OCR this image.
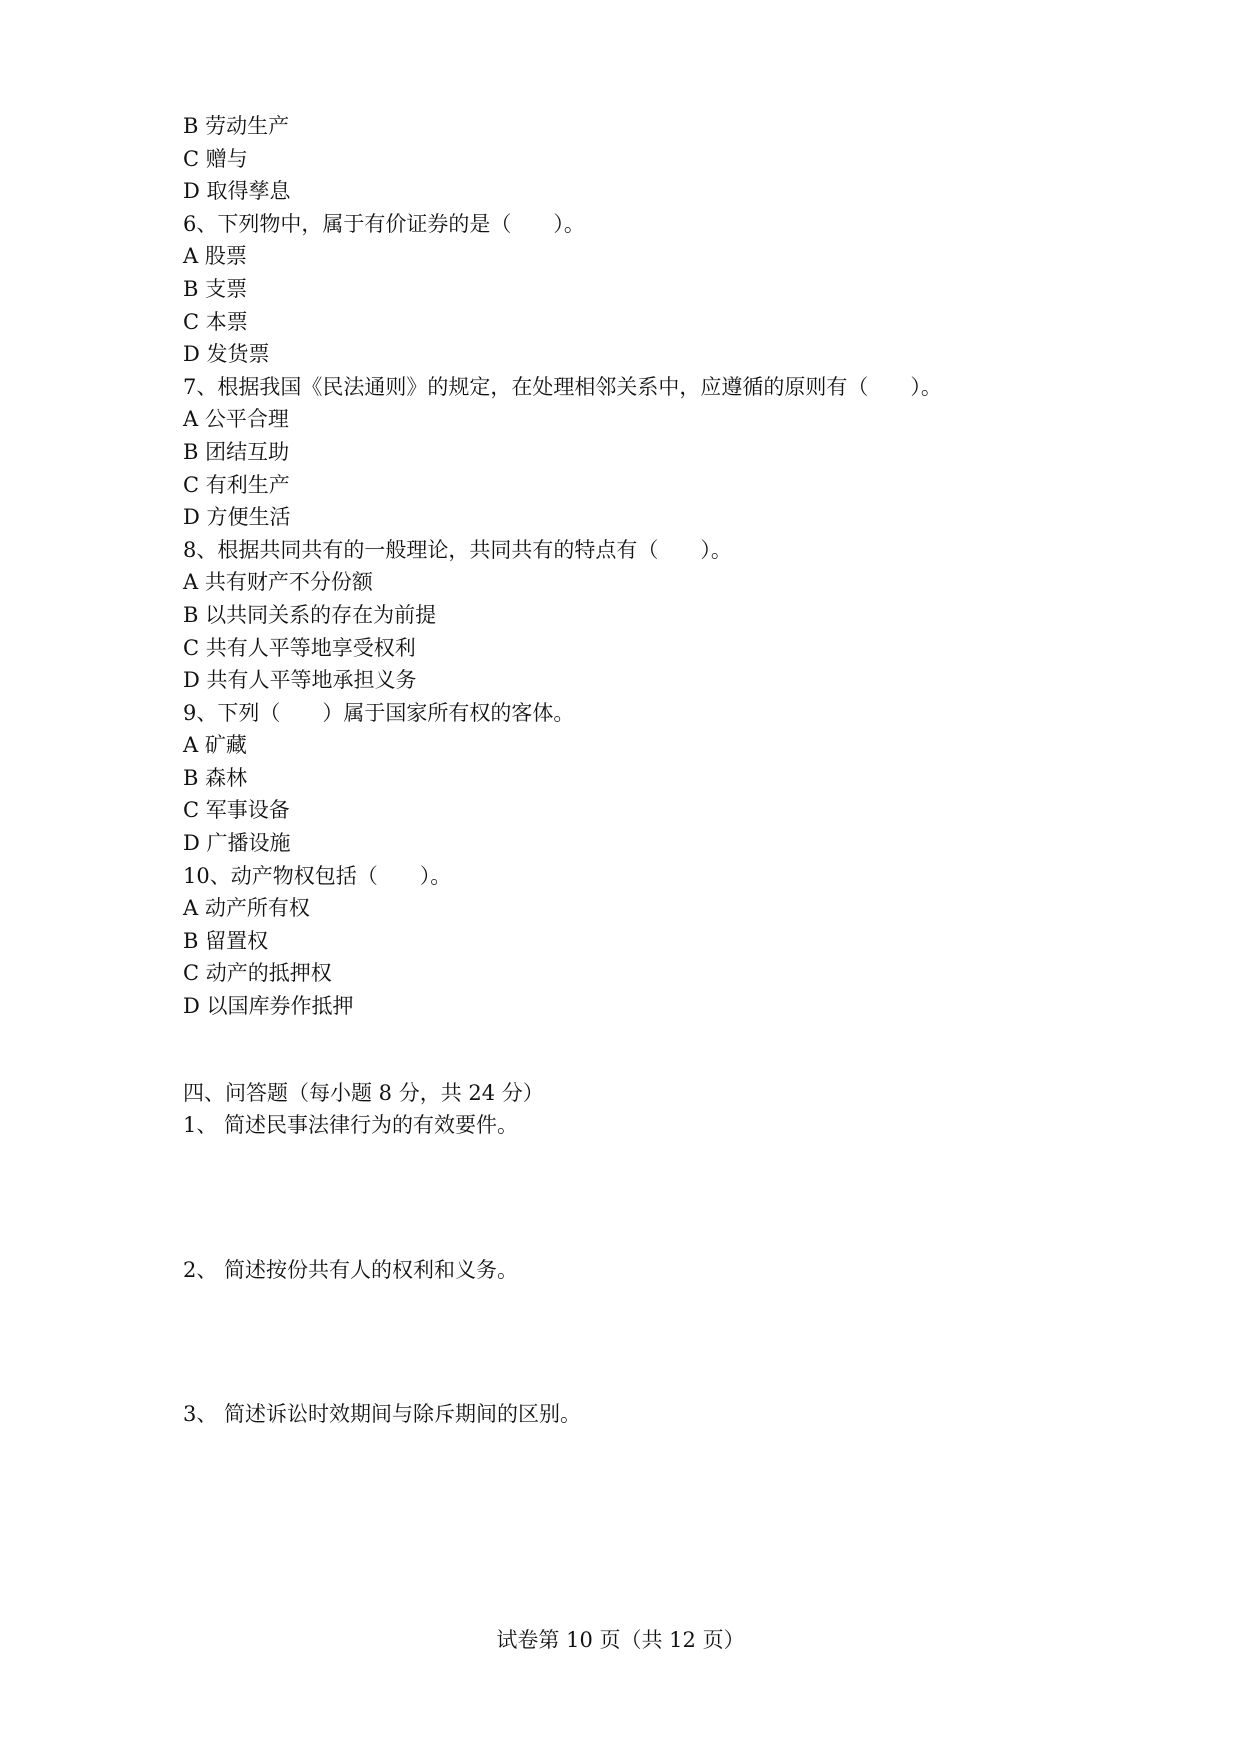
B 劳动生产
C 赠与
D 取得孳息
6、下列物中，属于有价证券的是（　　）。
A 股票
B 支票
C 本票
D 发货票
7、根据我国《民法通则》的规定，在处理相邻关系中，应遵循的原则有（　　）。
A 公平合理
B 团结互助
C 有利生产
D 方便生活
8、根据共同共有的一般理论，共同共有的特点有（　　）。
A 共有财产不分份额
B 以共同关系的存在为前提
C 共有人平等地享受权利
D 共有人平等地承担义务
9、下列（　　）属于国家所有权的客体。
A 矿藏
B 森林
C 军事设备
D 广播设施
10、动产物权包括（　　）。
A 动产所有权
B 留置权
C 动产的抵押权
D 以国库券作抵押
四、问答题（每小题 8 分，共 24 分）
1、 简述民事法律行为的有效要件。
2、 简述按份共有人的权利和义务。
3、 简述诉讼时效期间与除斥期间的区别。
试卷第 10 页（共 12 页）
